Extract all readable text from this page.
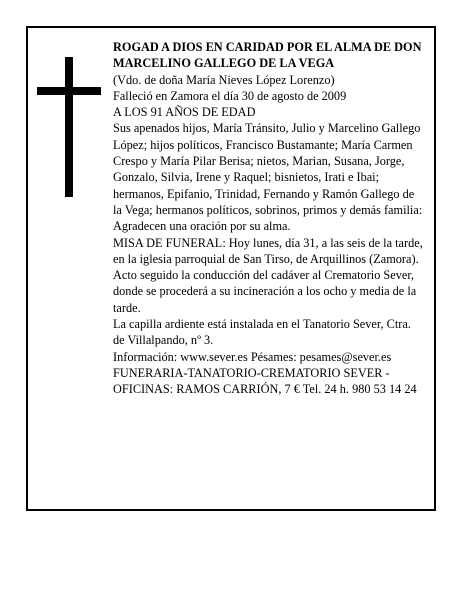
ROGAD A DIOS EN CARIDAD POR EL ALMA DE DON MARCELINO GALLEGO DE LA VEGA

(Vdo. de doña María Nieves López Lorenzo)

Falleció en Zamora el día 30 de agosto de 2009

A LOS 91 AÑOS DE EDAD

Sus apenados hijos, María Tránsito, Julio y Marcelino Gallego López; hijos políticos, Francisco Bustamante; María Carmen Crespo y María Pilar Berisa; nietos, Marian, Susana, Jorge, Gonzalo, Silvia, Irene y Raquel; bisnietos, Irati e Ibai; hermanos, Epifanio, Trinidad, Fernando y Ramón Gallego de la Vega; hermanos políticos, sobrinos, primos y demás familia:

Agradecen una oración por su alma.

MISA DE FUNERAL: Hoy lunes, día 31, a las seis de la tarde, en la iglesia parroquial de San Tirso, de Arquillinos (Zamora). Acto seguido la conducción del cadáver al Crematorio Sever, donde se procederá a su incineración a los ocho y media de la tarde.

La capilla ardiente está instalada en el Tanatorio Sever, Ctra. de Villalpando, nº 3.

Información: www.sever.es Pésames: pesames@sever.es

FUNERARIA-TANATORIO-CREMATORIO SEVER - OFICINAS: RAMOS CARRIÓN, 7 € Tel. 24 h. 980 53 14 24
